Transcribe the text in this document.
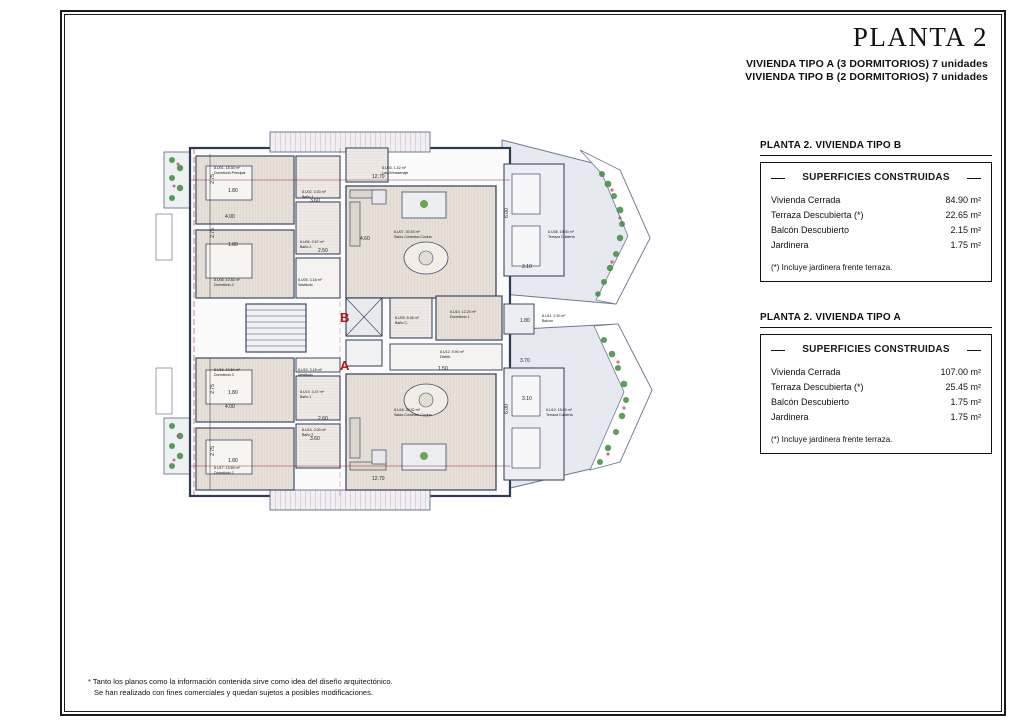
PLANTA 2
VIVIENDA TIPO A (3 DORMITORIOS) 7 unidades
VIVIENDA TIPO B (2 DORMITORIOS) 7 unidades
PLANTA 2. VIVIENDA TIPO B
SUPERFICIES CONSTRUIDAS
Vivienda Cerrada	84.90 m²
Terraza Descubierta (*)	22.65 m²
Balcón Descubierto	2.15 m²
Jardinera	1.75 m²
(*) Incluye jardinera frente terraza.
PLANTA 2. VIVIENDA TIPO A
SUPERFICIES CONSTRUIDAS
Vivienda Cerrada	107.00 m²
Terraza Descubierta (*)	25.45 m²
Balcón Descubierto	1.75 m²
Jardinera	1.75 m²
(*) Incluye jardinera frente terraza.
* Tanto los planos como la información contenida sirve como idea del diseño arquitectónico.
Se han realizado con fines comerciales y quedan sujetos a posibles modificaciones.
B
A
12.70
12.70
2.75
2.75
2.75
2.75
4.00
1.80
1.80
4.00
1.80
1.80
4.60
6.00
6.00
3.10
3.10
3.70
1.80
1.50
2.50
2.60
3.60
3.60
8.U01. 18.30 m²
Dormitorio Principal
8.U02. 3.00 m²
Baño 1
8.U03. 1.42 m²
Lav./Almacenaje
8.U04. 2.67 m²
Baño 2
8.U05. 3.18 m²
Vestibulo
8.U06. 10.84 m²
Dormitorio 2
8.U07. 30.53 m²
Salón-Comedor-Cocina
6.U08. 19.00 m²
Terraza Cubierta
8.U09. 8.46 m²
Baño C.
8.U10. 12.25 m²
Dormitorio 1	8.U11. 2.90 m²
Balcón
8.U12. 9.90 m²
Distrib.
8.U13. 3.47 m²
Baño 1
8.U14. 3.00 m²
Baño 2
8.U15. 3.18 m²
Vestibulo
8.U16. 10.54 m²
Dormitorio 3
8.U17. 13.69 m²
Dormitorio 2
8.U18. 30.52 m²
Salón-Comedor-Cocina
6.U19. 18.09 m²
Terraza Cubierta
